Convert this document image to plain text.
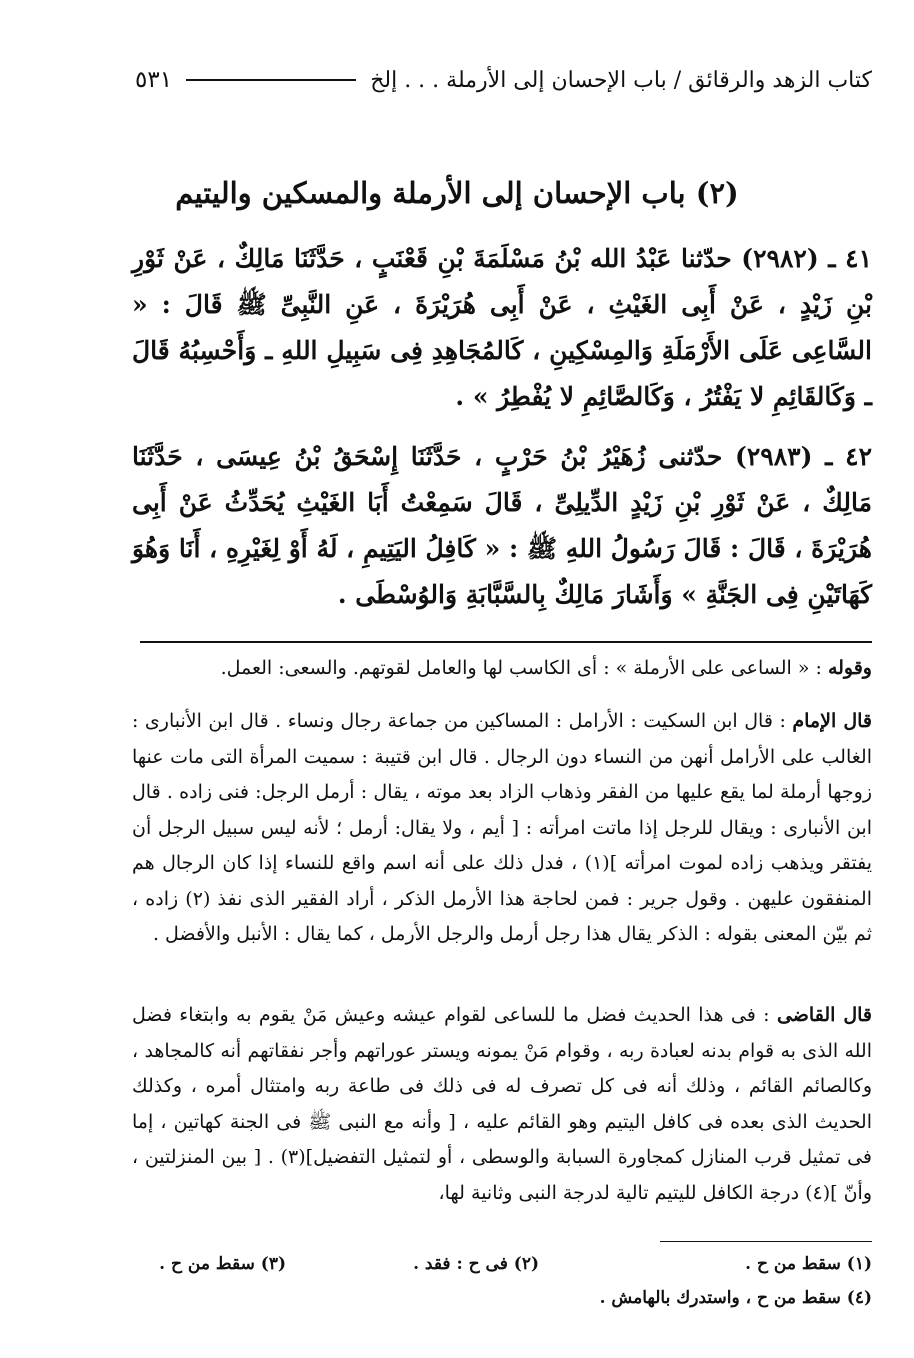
كتاب الزهد والرقائق / باب الإحسان إلى الأرملة . . . إلخ
٥٣١
(٢) باب الإحسان إلى الأرملة والمسكين واليتيم

٤١ ـ (٢٩٨٢) حدّثنا عَبْدُ الله بْنُ مَسْلَمَةَ بْنِ قَعْنَبٍ ، حَدَّثَنَا مَالِكٌ ، عَنْ ثَوْرِ بْنِ زَيْدٍ ، عَنْ أَبِى الغَيْثِ ، عَنْ أَبِى هُرَيْرَةَ ، عَنِ النَّبِىِّ ﷺ قَالَ : « السَّاعِى عَلَى الأَرْمَلَةِ وَالمِسْكِينِ ، كَالمُجَاهِدِ فِى سَبِيلِ اللهِ ـ وَأَحْسِبُهُ قَالَ ـ وَكَالقَائِمِ لا يَفْتُرُ ، وَكَالصَّائِمِ لا يُفْطِرُ » .

٤٢ ـ (٢٩٨٣) حدّثنى زُهَيْرُ بْنُ حَرْبٍ ، حَدَّثَنَا إِسْحَقُ بْنُ عِيسَى ، حَدَّثَنَا مَالِكٌ ، عَنْ ثَوْرِ بْنِ زَيْدٍ الدِّيلِىِّ ، قَالَ سَمِعْتُ أَبَا الغَيْثِ يُحَدِّثُ عَنْ أَبِى هُرَيْرَةَ ، قَالَ : قَالَ رَسُولُ اللهِ ﷺ : « كَافِلُ اليَتِيمِ ، لَهُ أَوْ لِغَيْرِهِ ، أَنَا وَهُوَ كَهَاتَيْنِ فِى الجَنَّةِ » وَأَشَارَ مَالِكٌ بِالسَّبَّابَةِ وَالوُسْطَى .

وقوله : « الساعى على الأرملة » : أى الكاسب لها والعامل لقوتهم. والسعى: العمل.

قال الإمام : قال ابن السكيت : الأرامل : المساكين من جماعة رجال ونساء . قال ابن الأنبارى : الغالب على الأرامل أنهن من النساء دون الرجال . قال ابن قتيبة : سميت المرأة التى مات عنها زوجها أرملة لما يقع عليها من الفقر وذهاب الزاد بعد موته ، يقال : أرمل الرجل: فنى زاده . قال ابن الأنبارى : ويقال للرجل إذا ماتت امرأته : [ أيم ، ولا يقال: أرمل ؛ لأنه ليس سبيل الرجل أن يفتقر ويذهب زاده لموت امرأته ](١) ، فدل ذلك على أنه اسم واقع للنساء إذا كان الرجال هم المنفقون عليهن . وقول جرير : فمن لحاجة هذا الأرمل الذكر ، أراد الفقير الذى نفذ (٢) زاده ، ثم بيّن المعنى بقوله : الذكر يقال هذا رجل أرمل والرجل الأرمل ، كما يقال : الأنبل والأفضل .

قال القاضى : فى هذا الحديث فضل ما للساعى لقوام عيشه وعيش مَنْ يقوم به وابتغاء فضل الله الذى به قوام بدنه لعبادة ربه ، وقوام مَنْ يمونه ويستر عوراتهم وأجر نفقاتهم أنه كالمجاهد ، وكالصائم القائم ، وذلك أنه فى كل تصرف له فى ذلك فى طاعة ربه وامتثال أمره ، وكذلك الحديث الذى بعده فى كافل اليتيم وهو القائم عليه ، [ وأنه مع النبى ﷺ فى الجنة كهاتين ، إما فى تمثيل قرب المنازل كمجاورة السبابة والوسطى ، أو لتمثيل التفضيل](٣) . [ بين المنزلتين ، وأنّ ](٤) درجة الكافل لليتيم تالية لدرجة النبى وثانية لها،

(١) سقط من ح .

(٢) فى ح : فقد .

(٣) سقط من ح .

(٤) سقط من ح ، واستدرك بالهامش .
